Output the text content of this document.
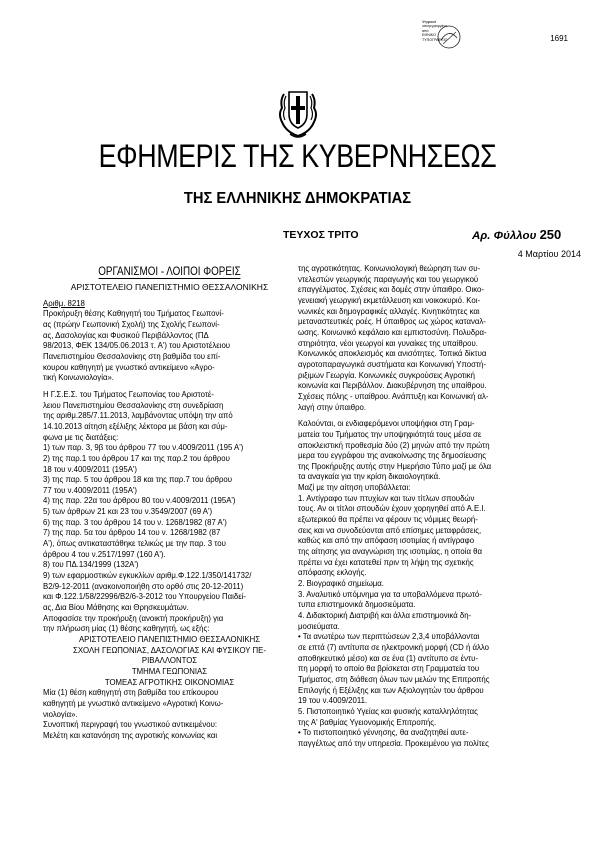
Ψηφιακά
υπογεγραμμένο
από
ΕΘΝΙΚΟ
ΤΥΠΟΓΡΑΦΕΙΟ	1691
ΕΦΗΜΕΡΙΣ ΤΗΣ ΚΥΒΕΡΝΗΣΕΩΣ
ΤΗΣ ΕΛΛΗΝΙΚΗΣ ΔΗΜΟΚΡΑΤΙΑΣ
ΤΕΥΧΟΣ ΤΡΙΤΟ	Αρ. Φύλλου 250
4 Μαρτίου 2014
ΟΡΓΑΝΙΣΜΟΙ - ΛΟΙΠΟΙ ΦΟΡΕΙΣ
ΑΡΙΣΤΟΤΕΛΕΙΟ ΠΑΝΕΠΙΣΤΗΜΙΟ ΘΕΣΣΑΛΟΝΙΚΗΣ
Αριθμ. 8218
Προκήρυξη θέσης Καθηγητή του Τμήματος Γεωπονί-
ας (πρώην Γεωπονική Σχολή) της Σχολής Γεωπονί-
ας, Δασολογίας και Φυσικού Περιβάλλοντος (ΠΔ
98/2013, ΦΕΚ 134/05.06.2013 τ. Α') του Αριστοτέλειου
Πανεπιστημίου Θεσσαλονίκης στη βαθμίδα του επί-
κουρου καθηγητή με γνωστικό αντικείμενο «Αγρο-
τική Κοινωνιολογία».
Η Γ.Σ.Ε.Σ. του Τμήματος Γεωπονίας του Αριστοτέ-
λειου Πανεπιστημίου Θεσσαλονίκης στη συνεδρίαση
της αριθμ.285/7.11.2013, λαμβάνοντας υπόψη την από
14.10.2013 αίτηση εξέλιξης λέκτορα με βάση και σύμ-
φωνα με τις διατάξεις:
1) των παρ. 3, 9β του άρθρου 77 του ν.4009/2011 (195 Α')
2) της παρ.1 του άρθρου 17 και της παρ.2 του άρθρου
18 του ν.4009/2011 (195Α')
3) της παρ. 5 του άρθρου 18 και της παρ.7 του άρθρου
77 του ν.4009/2011 (195Α')
4) της παρ. 22α του άρθρου 80 του ν.4009/2011 (195Α')
5) των άρθρων 21 και 23 του ν.3549/2007 (69 Α')
6) της παρ. 3 του άρθρου 14 του ν. 1268/1982 (87 Α')
7) της παρ. 5α του άρθρου 14 του ν. 1268/1982 (87
Α'), όπως αντικαταστάθηκε τελικώς με την παρ. 3 του
άρθρου 4 του ν.2517/1997 (160 Α').
8) του ΠΔ.134/1999 (132Α')
9) των εφαρμοστικών εγκυκλίων αριθμ.Φ.122.1/350/141732/
Β2/9-12-2011 (ανακοινοποιήθη στο ορθό στις 20-12-2011)
και Φ.122.1/58/22996/Β2/6-3-2012 του Υπουργείου Παιδεί-
ας, Δια Βίου Μάθησης και Θρησκευμάτων.
Αποφασίσε την προκήρυξη (ανοικτή προκήρυξη) για
την πλήρωση μίας (1) θέσης καθηγητή, ως εξής:
ΑΡΙΣΤΟΤΕΛΕΙΟ ΠΑΝΕΠΙΣΤΗΜΙΟ ΘΕΣΣΑΛΟΝΙΚΗΣ
ΣΧΟΛΗ ΓΕΩΠΟΝΙΑΣ, ΔΑΣΟΛΟΓΙΑΣ ΚΑΙ ΦΥΣΙΚΟΥ ΠΕ-
ΡΙΒΑΛΛΟΝΤΟΣ
ΤΜΗΜΑ ΓΕΩΠΟΝΙΑΣ
ΤΟΜΕΑΣ ΑΓΡΟΤΙΚΗΣ ΟΙΚΟΝΟΜΙΑΣ
Μία (1) θέση καθηγητή στη βαθμίδα του επίκουρου
καθηγητή με γνωστικό αντικείμενο «Αγροτική Κοινω-
νιολογία».
Συνοπτική περιγραφή του γνωστικού αντικειμένου:
Μελέτη και κατανόηση της αγροτικής κοινωνίας και
της αγροτικότητας. Κοινωνιολογική θεώρηση των συ-
ντελεστών γεωργικής παραγωγής και του γεωργικού
επαγγέλματος. Σχέσεις και δομές στην ύπαιθρο. Οικο-
γενειακή γεωργική εκμετάλλευση και νοικοκυριό. Κοι-
νωνικές και δημογραφικές αλλαγές. Κινητικότητες και
μεταναστευτικές ροές. Η ύπαιθρος ως χώρος καταναλ-
ωσης. Κοινωνικό κεφάλαιο και εμπιστοσύνη. Πολυδρα-
στηριότητα, νέοι γεωργοί και γυναίκες της υπαίθρου.
Κοινωνικός αποκλεισμός και ανισότητες. Τοπικά δίκτυα
αγροτοπαραγωγικά συστήματα και Κοινωνική Υποστή-
ριξιμων Γεωργία. Κοινωνικές συγκρούσεις Αγροτική
κοινωνία και Περιβάλλον. Διακυβέρνηση της υπαίθρου.
Σχέσεις πόλης - υπαίθρου. Ανάπτυξη και Κοινωνική αλ-
λαγή στην ύπαιθρο.
Καλούνται, οι ενδιαφερόμενοι υποψήφιοι στη Γραμ-
ματεία του Τμήματος την υποψηφιότητά τους μέσα σε
αποκλειστική προθεσμία δύο (2) μηνών από την πρώτη
μερα του εγγράφου της ανακοίνωσης της δημοσίευσης
της Προκήρυξης αυτής στην Ημερήσιο Τύπο μαζί με όλα
τα αναγκαία για την κρίση δικαιολογητικά.
Μαζί με την αίτηση υποβάλλεται:
1. Αντίγραφο των πτυχίων και των τίτλων σπουδών
τους. Αν οι τίτλοι σπουδών έχουν χορηγηθεί από Α.Ε.Ι.
εξωτερικού θα πρέπει να φέρουν τις νόμιμες θεωρή-
σεις και να συνοδεύονται από επίσημες μεταφράσεις,
καθώς και από την απόφαση ισοτιμίας ή αντίγραφο
της αίτησης για αναγνώριση της ισοτιμίας, η οποία θα
πρέπει να έχει κατατεθεί πριν τη λήψη της σχετικής
απόφασης εκλογής.
2. Βιογραφικό σημείωμα.
3. Αναλυτικό υπόμνημα για τα υποβαλλόμενα πρωτό-
τυπα επιστημονικά δημοσιεύματα.
4. Διδακτορική Διατριβή και άλλα επιστημονικά δη-
μοσιεύματα.
• Τα ανωτέρω των περιπτώσεων 2,3,4 υποβάλλονται
σε επτά (7) αντίτυπα σε ηλεκτρονική μορφή (CD ή άλλο
αποθηκευτικό μέσο) και σε ένα (1) αντίτυπο σε έντυ-
πη μορφή το οποίο θα βρίσκεται στη Γραμματεία του
Τμήματος, στη διάθεση όλων των μελών της Επιτροπής
Επιλογής ή Εξέλιξης και των Αξιολογητών του άρθρου
19 του ν.4009/2011.
5. Πιστοποιητικό Υγείας και φυσικής καταλληλότητας
της Α' βαθμίας Υγειονομικής Επιτροπής.
• Το πιστοποιητικό γέννησης, θα αναζητηθεί αυτε-
παγγέλτως από την υπηρεσία. Προκειμένου για πολίτες
